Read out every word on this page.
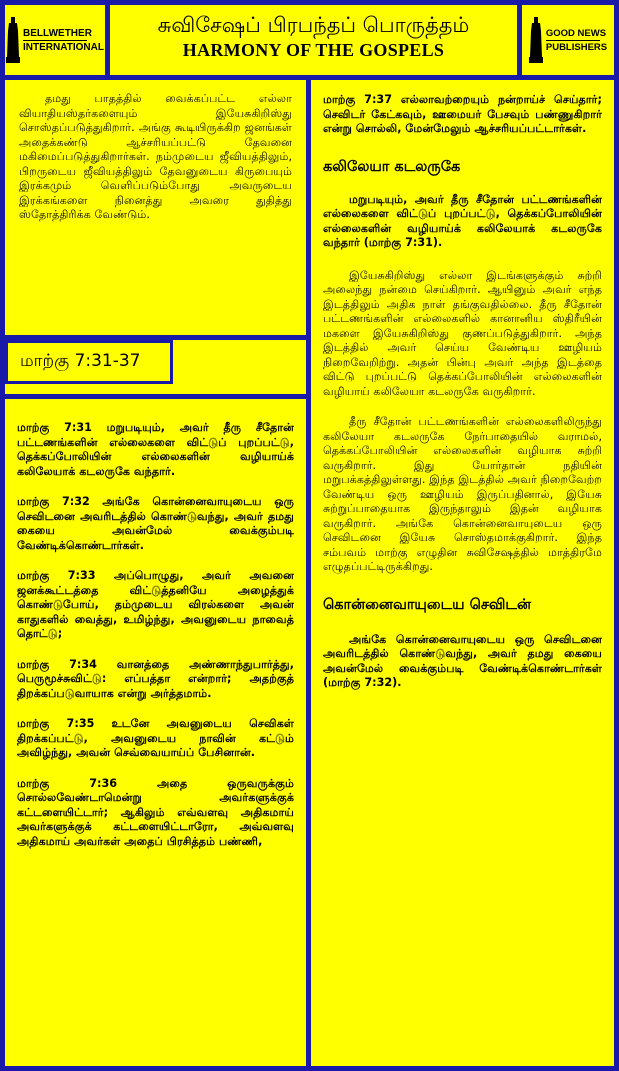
BELLWETHER
INTERNATIONAL
சுவிசேஷப் பிரபந்தப் பொருத்தம்
HARMONY OF THE GOSPELS
GOOD NEWS
PUBLISHERS

தமது பாதத்தில் வைக்கப்பட்ட எல்லா வியாதியஸ்தர்களையும் இயேசுகிறிஸ்து சொஸ்தப்படுத்துகிறார். அங்கு கூடியிருக்கிற ஜனங்கள் அதைக்கண்டு ஆச்சரியப்பட்டு தேவனை மகிமைப்படுத்துகிறார்கள். நம்முடைய ஜீவியத்திலும், பிறருடைய ஜீவியத்திலும் தேவனுடைய கிருபையும் இரக்கமும் வெளிப்படும்போது அவருடைய இரக்கங்களை நினைத்து அவரை துதித்து ஸ்தோத்திரிக்க வேண்டும்.

மாற்கு 7:31-37

மாற்கு 7:31 மறுபடியும், அவர் தீரு சீதோன் பட்டணங்களின் எல்லைகளை விட்டுப் புறப்பட்டு, தெக்கப்போலியின் எல்லைகளின் வழியாய்க் கலிலேயாக் கடலருகே வந்தார்.

மாற்கு 7:32 அங்கே கொன்னைவாயுடைய ஒரு செவிடனை அவரிடத்தில் கொண்டுவந்து, அவர் தமது கையை அவன்மேல் வைக்கும்படி வேண்டிக்கொண்டார்கள்.

மாற்கு 7:33 அப்பொழுது, அவர் அவனை ஜனக்கூட்டத்தை விட்டுத்தனியே அழைத்துக் கொண்டுபோய், தம்முடைய விரல்களை அவன் காதுகளில் வைத்து, உமிழ்ந்து, அவனுடைய நாவைத் தொட்டு;

மாற்கு 7:34 வானத்தை அண்ணாந்துபார்த்து, பெருமூச்சுவிட்டு: எப்பத்தா என்றார்; அதற்குத் திறக்கப்படுவாயாக என்று அர்த்தமாம்.

மாற்கு 7:35 உடனே அவனுடைய செவிகள் திறக்கப்பட்டு, அவனுடைய நாவின் கட்டும் அவிழ்ந்து, அவன் செவ்வையாய்ப் பேசினான்.

மாற்கு 7:36 அதை ஒருவருக்கும் சொல்லவேண்டாமென்று அவர்களுக்குக் கட்டளையிட்டார்; ஆகிலும் எவ்வளவு அதிகமாய் அவர்களுக்குக் கட்டளையிட்டாரோ, அவ்வளவு அதிகமாய் அவர்கள் அதைப் பிரசித்தம் பண்ணி,

மாற்கு 7:37 எல்லாவற்றையும் நன்றாய்ச் செய்தார்; செவிடர் கேட்கவும், ஊமையர் பேசவும் பண்ணுகிறார் என்று சொல்லி, மேன்மேலும் ஆச்சரியப்பட்டார்கள்.

கலிலேயா கடலருகே

மறுபடியும், அவர் தீரு சீதோன் பட்டணங்களின் எல்லைகளை விட்டுப் புறப்பட்டு, தெக்கப்போலியின் எல்லைகளின் வழியாய்க் கலிலேயாக் கடலருகே வந்தார் (மாற்கு 7:31).

இயேசுகிறிஸ்து எல்லா இடங்களுக்கும் சுற்றி அலைந்து நன்மை செய்கிறார். ஆயினும் அவர் எந்த இடத்திலும் அதிக நாள் தங்குவதில்லை. தீரு சீதோன் பட்டணங்களின் எல்லைகளில் கானானிய ஸ்திரீயின் மகளை இயேசுகிறிஸ்து குணப்படுத்துகிறார். அந்த இடத்தில் அவர் செய்ய வேண்டிய ஊழியம் நிறைவேறிற்று. அதன் பின்பு அவர் அந்த இடத்தை விட்டு புறப்பட்டு தெக்கப்போலியின் எல்லைகளின் வழியாய் கலிலேயா கடலருகே வருகிறார்.

தீரு சீதோன் பட்டணங்களின் எல்லைகளிலிருந்து கலிலேயா கடலருகே நேர்பாதையில் வராமல், தெக்கப்போலியின் எல்லைகளின் வழியாக சுற்றி வருகிறார். இது யோர்தான் நதியின் மறுபக்கத்திலுள்ளது. இந்த இடத்தில் அவர் நிறைவேற்ற வேண்டிய ஒரு ஊழியம் இருப்பதினால், இயேசு சுற்றுப்பாதையாக இருந்தாலும் இதன் வழியாக வருகிறார். அங்கே கொன்னைவாயுடைய ஒரு செவிடனை இயேசு சொஸ்தமாக்குகிறார். இந்த சம்பவம் மாற்கு எழுதின சுவிசேஷத்தில் மாத்திரமே எழுதப்பட்டிருக்கிறது.

கொன்னைவாயுடைய செவிடன்

அங்கே கொன்னைவாயுடைய ஒரு செவிடனை அவரிடத்தில் கொண்டுவந்து, அவர் தமது கையை அவன்மேல் வைக்கும்படி வேண்டிக்கொண்டார்கள் (மாற்கு 7:32).
